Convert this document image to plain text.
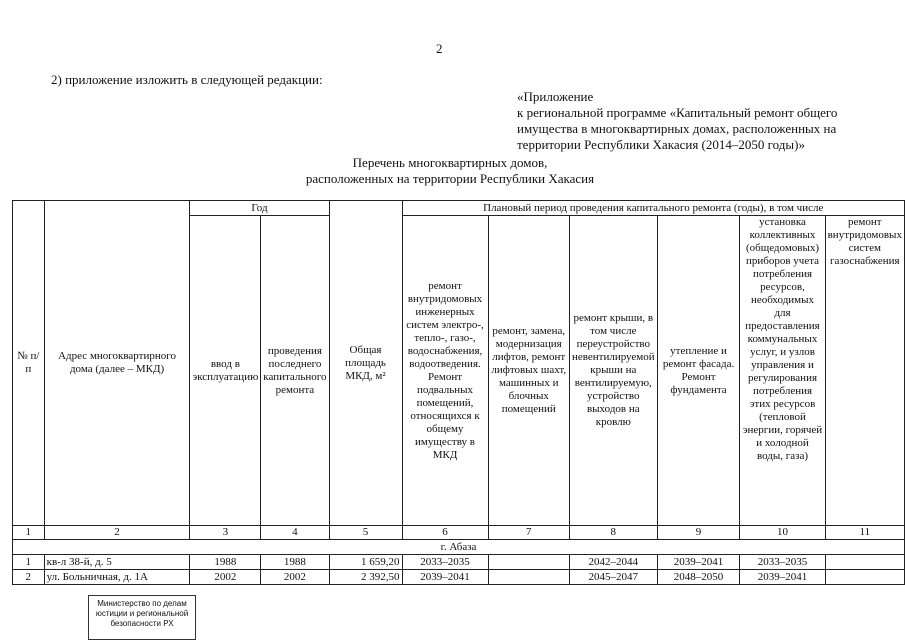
2
2) приложение изложить в следующей редакции:
«Приложение
к региональной программе «Капитальный ремонт общего имущества в многоквартирных домах, расположенных на территории Республики Хакасия (2014–2050 годы)»
Перечень многоквартирных домов,
расположенных на территории Республики Хакасия
№ п/п	Адрес многоквартирного дома (далее – МКД)	Год		Общая площадь МКД, м²	Плановый период проведения капитального ремонта (годы), в том числе					
		ввод в эксплуатацию	проведения последнего капитального ремонта		ремонт внутридомовых инженерных систем электро-, тепло-, газо-, водоснабжения, водоотведения. Ремонт подвальных помещений, относящихся к общему имуществу в МКД	ремонт, замена, модернизация лифтов, ремонт лифтовых шахт, машинных и блочных помещений	ремонт крыши, в том числе переустройство невентилируемой крыши на вентилируемую, устройство выходов на кровлю	утепление и ремонт фасада. Ремонт фундамента	установка коллективных (общедомовых) приборов учета потребления ресурсов, необходимых для предоставления коммунальных услуг, и узлов управления и регулирования потребления этих ресурсов (тепловой энергии, горячей и холодной воды, газа)	ремонт внутридомовых систем газоснабжения
1	2	3	4	5	6	7	8	9	10	11
г. Абаза										
1	кв-л 38-й, д. 5	1988	1988	1 659,20	2033–2035		2042–2044	2039–2041	2033–2035	
2	ул. Больничная, д. 1А	2002	2002	2 392,50	2039–2041		2045–2047	2048–2050	2039–2041	
Министерство по делам
юстиции и региональной
безопасности РХ
